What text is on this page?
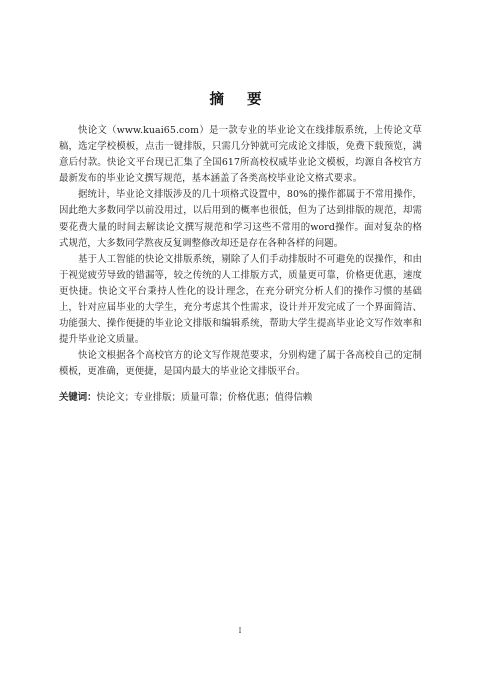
摘 要

快论文（www.kuai65.com）是一款专业的毕业论文在线排版系统，上传论文草稿，选定学校模板，点击一键排版，只需几分钟就可完成论文排版，免费下载预览，满意后付款。快论文平台现已汇集了全国617所高校权威毕业论文模板，均源自各校官方最新发布的毕业论文撰写规范，基本涵盖了各类高校毕业论文格式要求。

据统计，毕业论文排版涉及的几十项格式设置中，80%的操作都属于不常用操作，因此绝大多数同学以前没用过，以后用到的概率也很低，但为了达到排版的规范，却需要花费大量的时间去解读论文撰写规范和学习这些不常用的word操作。面对复杂的格式规范，大多数同学熬夜反复调整修改却还是存在各种各样的问题。

基于人工智能的快论文排版系统，剔除了人们手动排版时不可避免的误操作，和由于视觉疲劳导致的错漏等，较之传统的人工排版方式，质量更可靠，价格更优惠，速度更快捷。快论文平台秉持人性化的设计理念，在充分研究分析人们的操作习惯的基础上，针对应届毕业的大学生，充分考虑其个性需求，设计并开发完成了一个界面简洁、功能强大、操作便捷的毕业论文排版和编辑系统，帮助大学生提高毕业论文写作效率和提升毕业论文质量。

快论文根据各个高校官方的论文写作规范要求，分别构建了属于各高校自己的定制模板，更准确，更便捷，是国内最大的毕业论文排版平台。

关键词：快论文；专业排版；质量可靠；价格优惠；值得信赖

I
